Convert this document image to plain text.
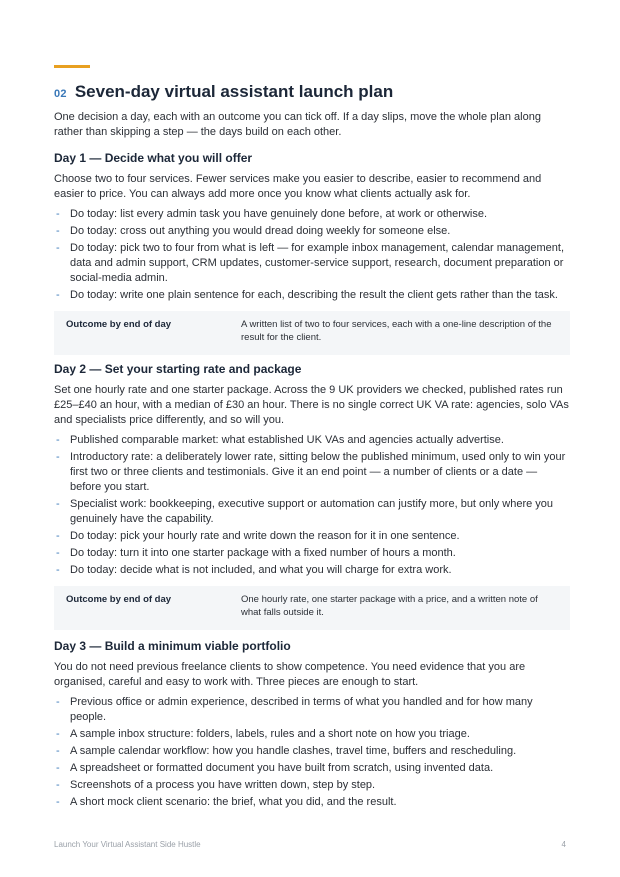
02 Seven-day virtual assistant launch plan

One decision a day, each with an outcome you can tick off. If a day slips, move the whole plan along rather than skipping a step — the days build on each other.

Day 1 — Decide what you will offer

Choose two to four services. Fewer services make you easier to describe, easier to recommend and easier to price. You can always add more once you know what clients actually ask for.

- Do today: list every admin task you have genuinely done before, at work or otherwise.
- Do today: cross out anything you would dread doing weekly for someone else.
- Do today: pick two to four from what is left — for example inbox management, calendar management, data and admin support, CRM updates, customer-service support, research, document preparation or social-media admin.
- Do today: write one plain sentence for each, describing the result the client gets rather than the task.
Outcome by end of day	A written list of two to four services, each with a one-line description of the result for the client.
Day 2 — Set your starting rate and package

Set one hourly rate and one starter package. Across the 9 UK providers we checked, published rates run £25–£40 an hour, with a median of £30 an hour. There is no single correct UK VA rate: agencies, solo VAs and specialists price differently, and so will you.

- Published comparable market: what established UK VAs and agencies actually advertise.
- Introductory rate: a deliberately lower rate, sitting below the published minimum, used only to win your first two or three clients and testimonials. Give it an end point — a number of clients or a date — before you start.
- Specialist work: bookkeeping, executive support or automation can justify more, but only where you genuinely have the capability.
- Do today: pick your hourly rate and write down the reason for it in one sentence.
- Do today: turn it into one starter package with a fixed number of hours a month.
- Do today: decide what is not included, and what you will charge for extra work.
Outcome by end of day	One hourly rate, one starter package with a price, and a written note of what falls outside it.
Day 3 — Build a minimum viable portfolio

You do not need previous freelance clients to show competence. You need evidence that you are organised, careful and easy to work with. Three pieces are enough to start.

- Previous office or admin experience, described in terms of what you handled and for how many people.
- A sample inbox structure: folders, labels, rules and a short note on how you triage.
- A sample calendar workflow: how you handle clashes, travel time, buffers and rescheduling.
- A spreadsheet or formatted document you have built from scratch, using invented data.
- Screenshots of a process you have written down, step by step.
- A short mock client scenario: the brief, what you did, and the result.
Launch Your Virtual Assistant Side Hustle	4
